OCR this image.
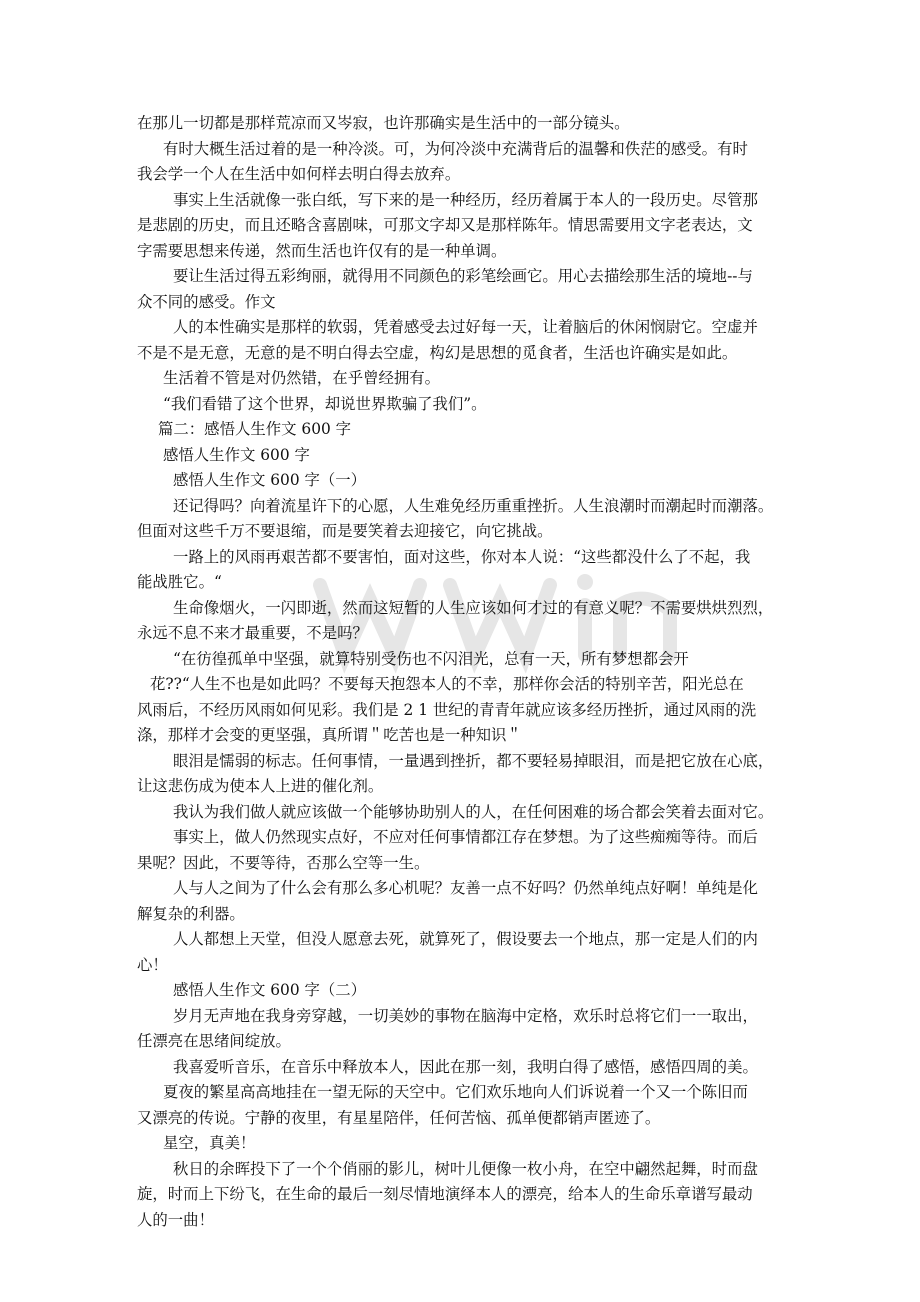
在那儿一切都是那样荒凉而又岑寂，也许那确实是生活中的一部分镜头。
有时大概生活过着的是一种冷淡。可，为何冷淡中充满背后的温馨和佚茫的感受。有时
我会学一个人在生活中如何样去明白得去放弃。
事实上生活就像一张白纸，写下来的是一种经历，经历着属于本人的一段历史。尽管那
是悲剧的历史，而且还略含喜剧味，可那文字却又是那样陈年。情思需要用文字老表达，文
字需要思想来传递，然而生活也许仅有的是一种单调。
要让生活过得五彩绚丽，就得用不同颜色的彩笔绘画它。用心去描绘那生活的境地--与
众不同的感受。作文
人的本性确实是那样的软弱，凭着感受去过好每一天，让着脑后的休闲悯尉它。空虚并
不是不是无意，无意的是不明白得去空虚，构幻是思想的觅食者，生活也许确实是如此。
生活着不管是对仍然错，在乎曾经拥有。
“我们看错了这个世界，却说世界欺骗了我们”。
篇二：感悟人生作文 600 字
感悟人生作文 600 字
感悟人生作文 600 字（一）
还记得吗？向着流星许下的心愿，人生难免经历重重挫折。人生浪潮时而潮起时而潮落。
但面对这些千万不要退缩，而是要笑着去迎接它，向它挑战。
一路上的风雨再艰苦都不要害怕，面对这些，你对本人说：“这些都没什么了不起，我
能战胜它。“
生命像烟火，一闪即逝，然而这短暂的人生应该如何才过的有意义呢？不需要烘烘烈烈，
永远不息不来才最重要，不是吗？
“在彷徨孤单中坚强，就算特别受伤也不闪泪光，总有一天，所有梦想都会开
花??“人生不也是如此吗？不要每天抱怨本人的不幸，那样你会活的特别辛苦，阳光总在
风雨后，不经历风雨如何见彩。我们是 2 1 世纪的青青年就应该多经历挫折，通过风雨的洗
涤，那样才会变的更坚强，真所谓＂吃苦也是一种知识＂
眼泪是懦弱的标志。任何事情，一量遇到挫折，都不要轻易掉眼泪，而是把它放在心底，
让这悲伤成为使本人上进的催化剂。
我认为我们做人就应该做一个能够协助别人的人，在任何困难的场合都会笑着去面对它。
事实上，做人仍然现实点好，不应对任何事情都江存在梦想。为了这些痴痴等待。而后
果呢？因此，不要等待，否那么空等一生。
人与人之间为了什么会有那么多心机呢？友善一点不好吗？仍然单纯点好啊！单纯是化
解复杂的利器。
人人都想上天堂，但没人愿意去死，就算死了，假设要去一个地点，那一定是人们的内
心！
感悟人生作文 600 字（二）
岁月无声地在我身旁穿越，一切美妙的事物在脑海中定格，欢乐时总将它们一一取出，
任漂亮在思绪间绽放。
我喜爱听音乐，在音乐中释放本人，因此在那一刻，我明白得了感悟，感悟四周的美。
夏夜的繁星高高地挂在一望无际的天空中。它们欢乐地向人们诉说着一个又一个陈旧而
又漂亮的传说。宁静的夜里，有星星陪伴，任何苦恼、孤单便都销声匿迹了。
星空，真美！
秋日的余晖投下了一个个俏丽的影儿，树叶儿便像一枚小舟，在空中翩然起舞，时而盘
旋，时而上下纷飞，在生命的最后一刻尽情地演绎本人的漂亮，给本人的生命乐章谱写最动
人的一曲！
